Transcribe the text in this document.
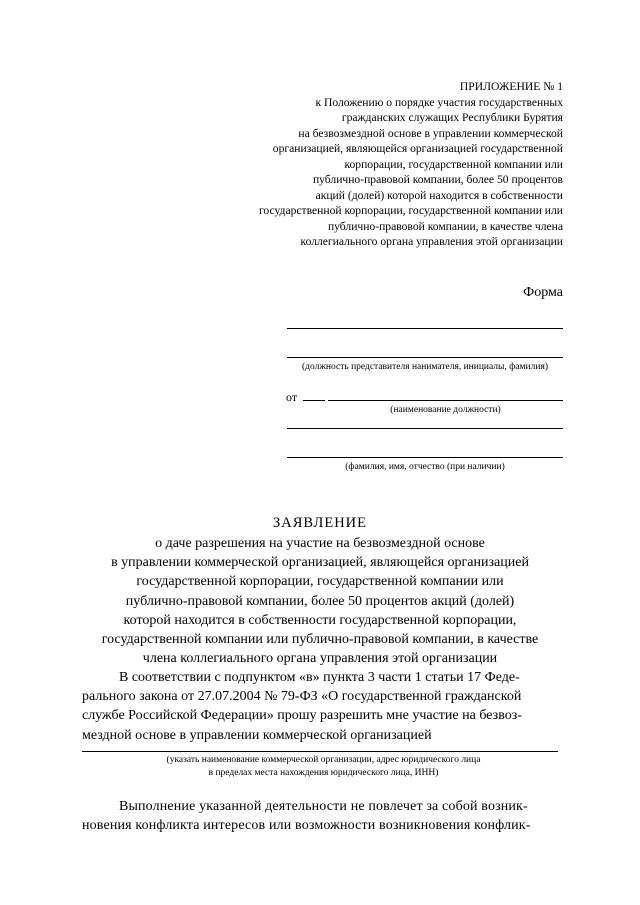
ПРИЛОЖЕНИЕ № 1
к Положению о порядке участия государственных
гражданских служащих Республики Бурятия
на безвозмездной основе в управлении коммерческой
организацией, являющейся организацией государственной
корпорации, государственной компании или
публично-правовой компании, более 50 процентов
акций (долей) которой находится в собственности
государственной корпорации, государственной компании или
публично-правовой компании, в качестве члена
коллегиального органа управления этой организации
Форма
(должность представителя нанимателя, инициалы, фамилия)
от
(наименование должности)
(фамилия, имя, отчество (при наличии)
ЗАЯВЛЕНИЕ
о даче разрешения на участие на безвозмездной основе
в управлении коммерческой организацией, являющейся организацией
государственной корпорации, государственной компании или
публично-правовой компании, более 50 процентов акций (долей)
которой находится в собственности государственной корпорации,
государственной компании или публично-правовой компании, в качестве
члена коллегиального органа управления этой организации
В соответствии с подпунктом «в» пункта 3 части 1 статьи 17 Феде-
рального закона от 27.07.2004 № 79-ФЗ «О государственной гражданской
службе Российской Федерации» прошу разрешить мне участие на безвоз-
мездной основе в управлении коммерческой организацией
(указать наименование коммерческой организации, адрес юридического лица
в пределах места нахождения юридического лица, ИНН)
Выполнение указанной деятельности не повлечет за собой возник-
новения конфликта интересов или возможности возникновения конфлик-
